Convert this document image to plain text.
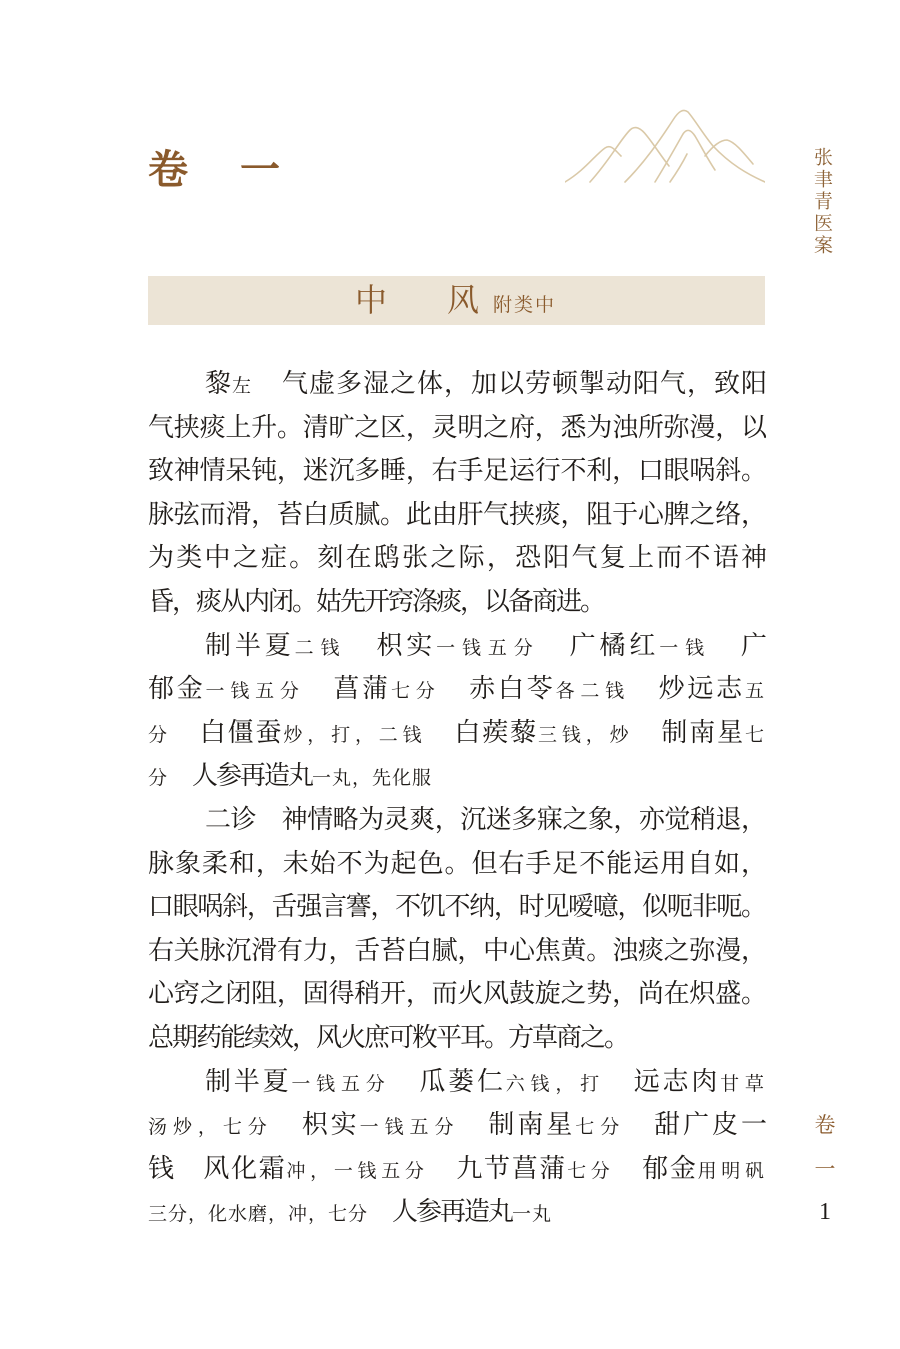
卷　一	张聿青医案
中　风附类中
黎左　气虚多湿之体，加以劳顿掣动阳气，致阳
气挟痰上升。清旷之区，灵明之府，悉为浊所弥漫，以
致神情呆钝，迷沉多睡，右手足运行不利，口眼㖞斜。
脉弦而滑，苔白质腻。此由肝气挟痰，阻于心脾之络，
为类中之症。刻在鸱张之际，恐阳气复上而不语神
昏，痰从内闭。姑先开窍涤痰，以备商进。
制半夏二钱　枳实一钱五分　广橘红一钱　广
郁金一钱五分　菖蒲七分　赤白苓各二钱　炒远志五
分　白僵蚕炒，打，二钱　白蒺藜三钱，炒　制南星七
分　人参再造丸一丸，先化服
二诊　神情略为灵爽，沉迷多寐之象，亦觉稍退，
脉象柔和，未始不为起色。但右手足不能运用自如，
口眼㖞斜，舌强言謇，不饥不纳，时见嗳噫，似呃非呃。
右关脉沉滑有力，舌苔白腻，中心焦黄。浊痰之弥漫，
心窍之闭阻，固得稍开，而火风鼓旋之势，尚在炽盛。
总期药能续效，风火庶可敉平耳。方草商之。
制半夏一钱五分　瓜蒌仁六钱，打　远志肉甘草
汤炒，七分　枳实一钱五分　制南星七分　甜广皮一
钱　风化霜冲，一钱五分　九节菖蒲七分　郁金用明矾
三分，化水磨，冲，七分　人参再造丸一丸
卷
一
1
